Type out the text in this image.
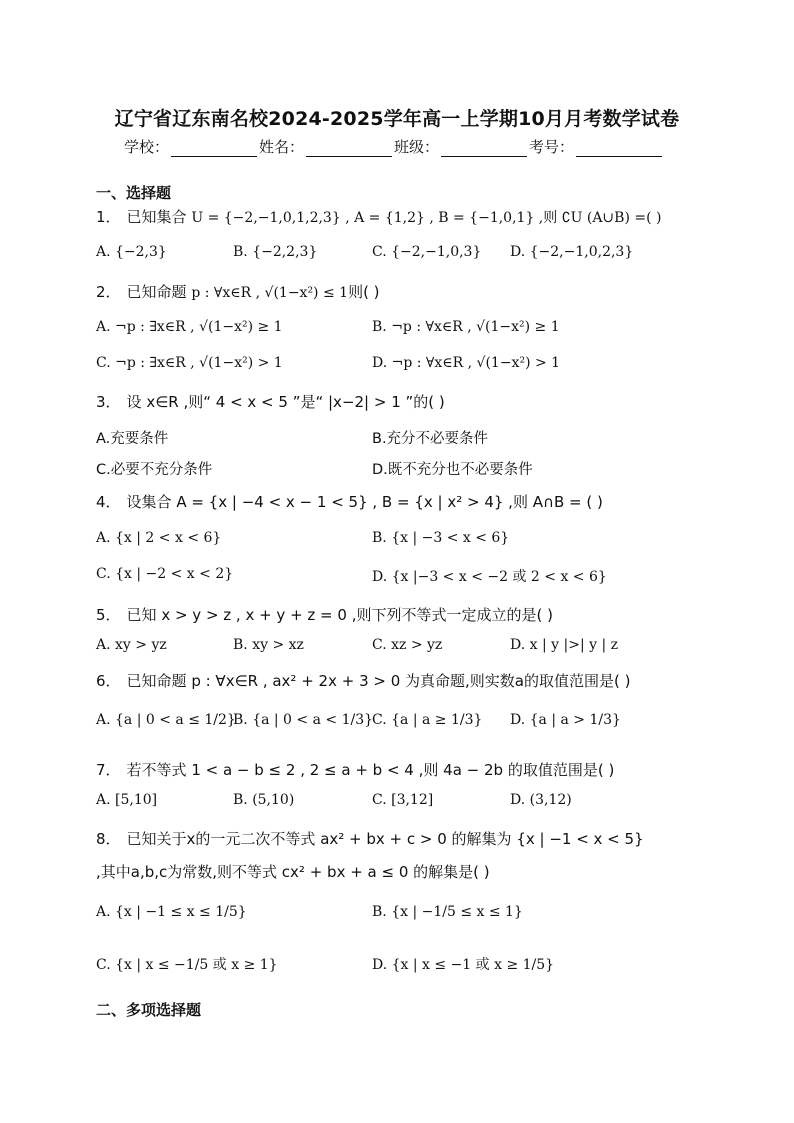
辽宁省辽东南名校2024-2025学年高一上学期10月月考数学试卷
学校：	姓名：	班级：	考号：
一、选择题
1． 已知集合 U = {−2,−1,0,1,2,3} , A = {1,2} , B = {−1,0,1} ,则 ∁U (A∪B) =( )
A. {−2,3}	B. {−2,2,3}	C. {−2,−1,0,3} D. {−2,−1,0,2,3}
2． 已知命题 p : ∀x∈R , √(1−x²) ≤ 1则( )
A. ¬p : ∃x∈R , √(1−x²) ≥ 1	B. ¬p : ∀x∈R , √(1−x²) ≥ 1
C. ¬p : ∃x∈R , √(1−x²) > 1	D. ¬p : ∀x∈R , √(1−x²) > 1
3． 设 x∈R ,则“ 4 < x < 5 ”是“ |x−2| > 1 ”的( )
A.充要条件	B.充分不必要条件
C.必要不充分条件	D.既不充分也不必要条件
4． 设集合 A = {x | −4 < x − 1 < 5} , B = {x | x² > 4} ,则 A∩B = ( )
A. {x | 2 < x < 6}	B. {x | −3 < x < 6}
C. {x | −2 < x < 2}	D. {x |−3 < x < −2 或 2 < x < 6}
5． 已知 x > y > z , x + y + z = 0 ,则下列不等式一定成立的是( )
A. xy > yz	B. xy > xz	C. xz > yz	D. x | y |>| y | z
6． 已知命题 p : ∀x∈R , ax² + 2x + 3 > 0 为真命题,则实数a的取值范围是( )
A. {a | 0 < a ≤ 1/2}
B. {a | 0 < a < 1/3}
C. {a | a ≥ 1/3} D. {a | a > 1/3}
7． 若不等式 1 < a − b ≤ 2 , 2 ≤ a + b < 4 ,则 4a − 2b 的取值范围是( )
A. [5,10]	B. (5,10)	C. [3,12]	D. (3,12)
8． 已知关于x的一元二次不等式 ax² + bx + c > 0 的解集为 {x | −1 < x < 5}
,其中a,b,c为常数,则不等式 cx² + bx + a ≤ 0 的解集是( )
A. {x | −1 ≤ x ≤ 1/5}	B. {x | −1/5 ≤ x ≤ 1}
C. {x | x ≤ −1/5 或 x ≥ 1}	D. {x | x ≤ −1 或 x ≥ 1/5}
二、多项选择题
